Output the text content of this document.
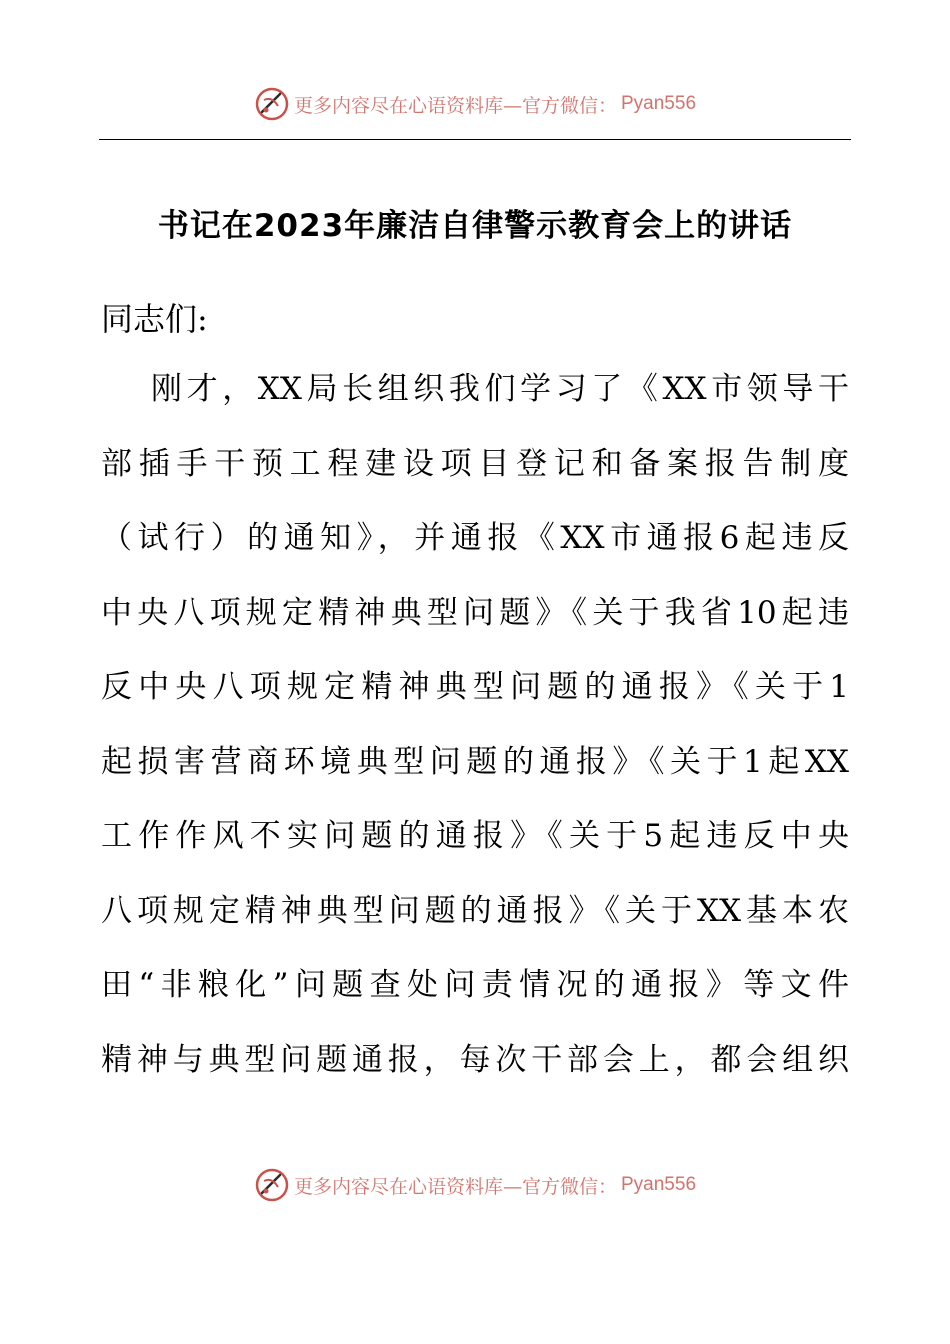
更多内容尽在心语资料库—官方微信： Pyan556
书记在2023年廉洁自律警示教育会上的讲话
同志们:
刚才，XX局长组织我们学习了《XX市领导干
部插手干预工程建设项目登记和备案报告制度
（试行）的通知》，并通报《XX市通报6起违反
中央八项规定精神典型问题》《关于我省10起违
反中央八项规定精神典型问题的通报》《关于1
起损害营商环境典型问题的通报》《关于1起XX
工作作风不实问题的通报》《关于5起违反中央
八项规定精神典型问题的通报》《关于XX基本农
田“非粮化”问题查处问责情况的通报》等文件
精神与典型问题通报，每次干部会上，都会组织
更多内容尽在心语资料库—官方微信： Pyan556
